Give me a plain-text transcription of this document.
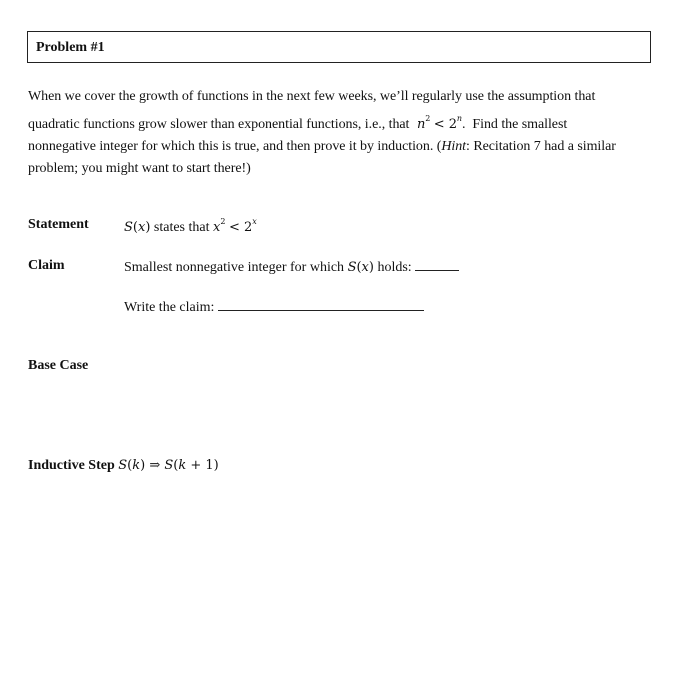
Problem #1
When we cover the growth of functions in the next few weeks, we’ll regularly use the assumption that
quadratic functions grow slower than exponential functions, i.e., that  $n^2 < 2^n$.  Find the smallest
nonnegative integer for which this is true, and then prove it by induction. (Hint: Recitation 7 had a similar
problem; you might want to start there!)
Statement	S(x) states that $x^2 < 2^x$
Claim	Smallest nonnegative integer for which S(x) holds:
Write the claim:
Base Case
Inductive Step S(k) ⇒ S(k + 1)
